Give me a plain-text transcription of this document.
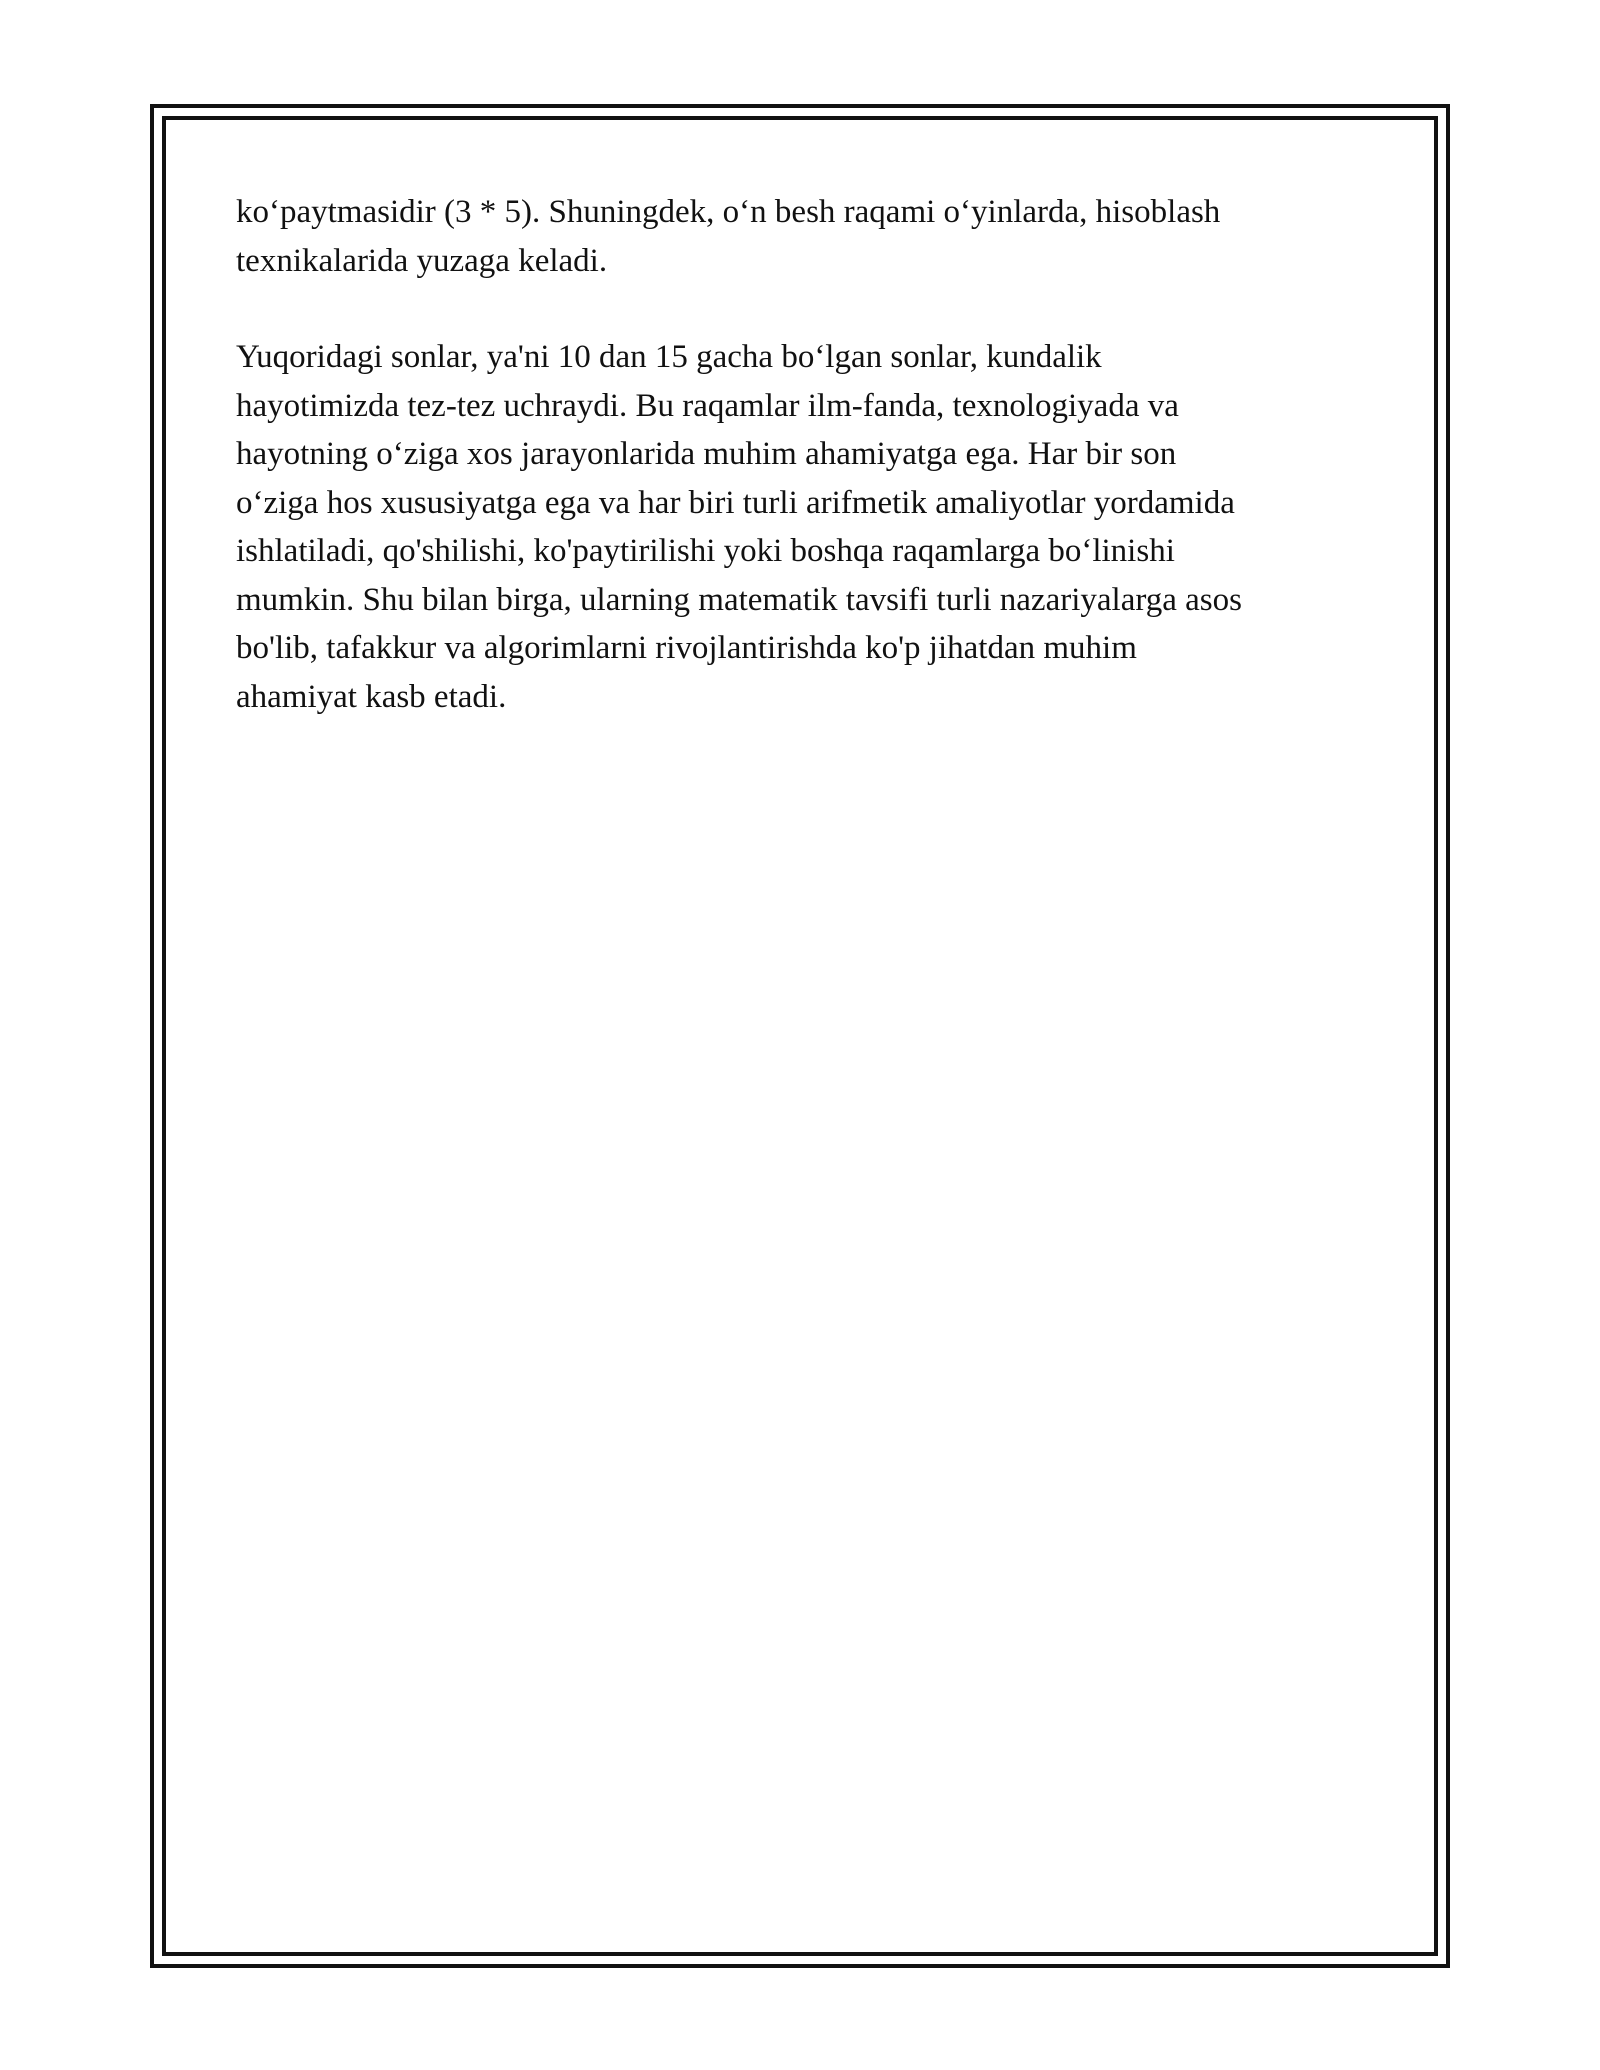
ko‘paytmasidir (3 * 5). Shuningdek, o‘n besh raqami o‘yinlarda, hisoblash
texnikalarida yuzaga keladi.

Yuqoridagi sonlar, ya'ni 10 dan 15 gacha bo‘lgan sonlar, kundalik
hayotimizda tez-tez uchraydi. Bu raqamlar ilm-fanda, texnologiyada va
hayotning o‘ziga xos jarayonlarida muhim ahamiyatga ega. Har bir son
o‘ziga hos xususiyatga ega va har biri turli arifmetik amaliyotlar yordamida
ishlatiladi, qo'shilishi, ko'paytirilishi yoki boshqa raqamlarga bo‘linishi
mumkin. Shu bilan birga, ularning matematik tavsifi turli nazariyalarga asos
bo'lib, tafakkur va algorimlarni rivojlantirishda ko'p jihatdan muhim
ahamiyat kasb etadi.
